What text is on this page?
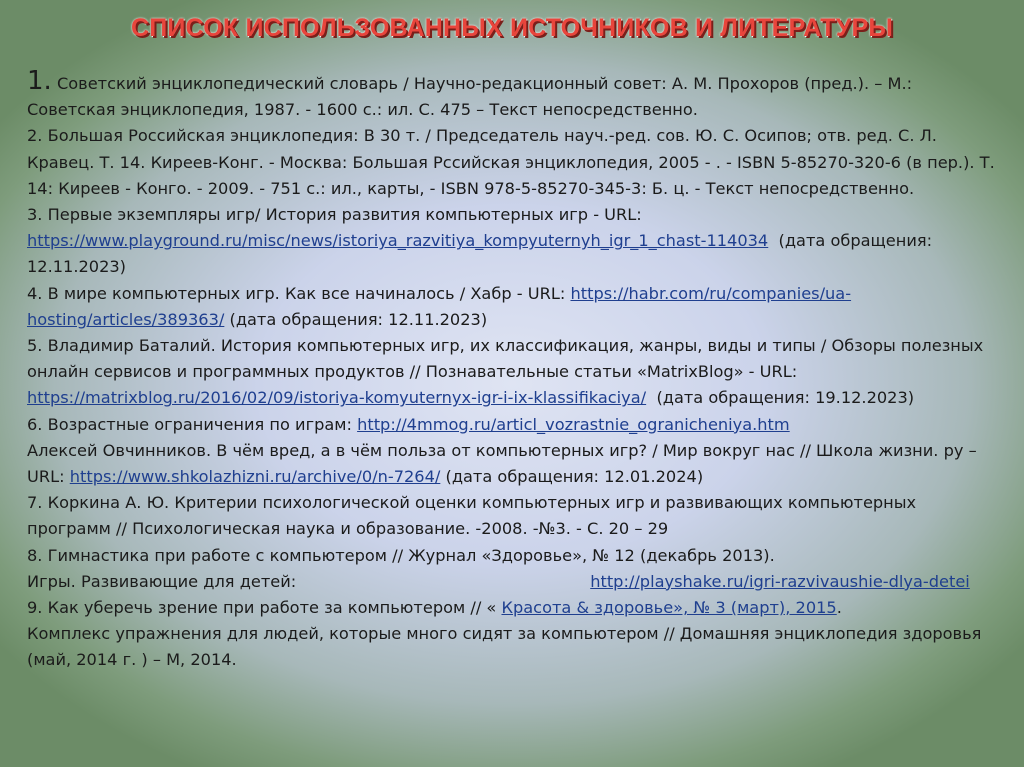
СПИСОК ИСПОЛЬЗОВАННЫХ ИСТОЧНИКОВ И ЛИТЕРАТУРЫ

1. Советский энциклопедический словарь / Научно-редакционный совет: А. М. Прохоров (пред.). – М.: Советская энциклопедия, 1987. - 1600 с.: ил. С. 475 – Текст непосредственно.

2. Большая Российская энциклопедия: В 30 т. / Председатель науч.-ред. сов. Ю. С. Осипов; отв. ред. С. Л. Кравец. Т. 14. Киреев-Конг. - Москва: Большая Рссийская энциклопедия, 2005 - . - ISBN 5-85270-320-6 (в пер.). Т. 14: Киреев - Конго. - 2009. - 751 с.: ил., карты, - ISBN 978-5-85270-345-3: Б. ц. - Текст непосредственно.

3. Первые экземпляры игр/ История развития компьютерных игр - URL: https://www.playground.ru/misc/news/istoriya_razvitiya_kompyuternyh_igr_1_chast-114034 (дата обращения: 12.11.2023)

4. В мире компьютерных игр. Как все начиналось / Хабр - URL: https://habr.com/ru/companies/ua-hosting/articles/389363/ (дата обращения: 12.11.2023)

5. Владимир Баталий. История компьютерных игр, их классификация, жанры, виды и типы / Обзоры полезных онлайн сервисов и программных продуктов // Познавательные статьи «MatrixBlog» - URL: https://matrixblog.ru/2016/02/09/istoriya-komyuternyx-igr-i-ix-klassifikaciya/ (дата обращения: 19.12.2023)

6. Возрастные ограничения по играм: http://4mmog.ru/articl_vozrastnie_ogranicheniya.htm

Алексей Овчинников. В чём вред, а в чём польза от компьютерных игр? / Мир вокруг нас // Школа жизни. ру – URL: https://www.shkolazhizni.ru/archive/0/n-7264/ (дата обращения: 12.01.2024)

7. Коркина А. Ю. Критерии психологической оценки компьютерных игр и развивающих компьютерных программ // Психологическая наука и образование. -2008. -№3. - С. 20 – 29

8. Гимнастика при работе с компьютером // Журнал «Здоровье», № 12 (декабрь 2013).

Игры. Развивающие для детей:	http://playshake.ru/igri-razvivaushie-dlya-detei

9. Как уберечь зрение при работе за компьютером // « Красота & здоровье», № 3 (март), 2015.

Комплекс упражнения для людей, которые много сидят за компьютером // Домашняя энциклопедия здоровья (май, 2014 г. ) – М, 2014.
